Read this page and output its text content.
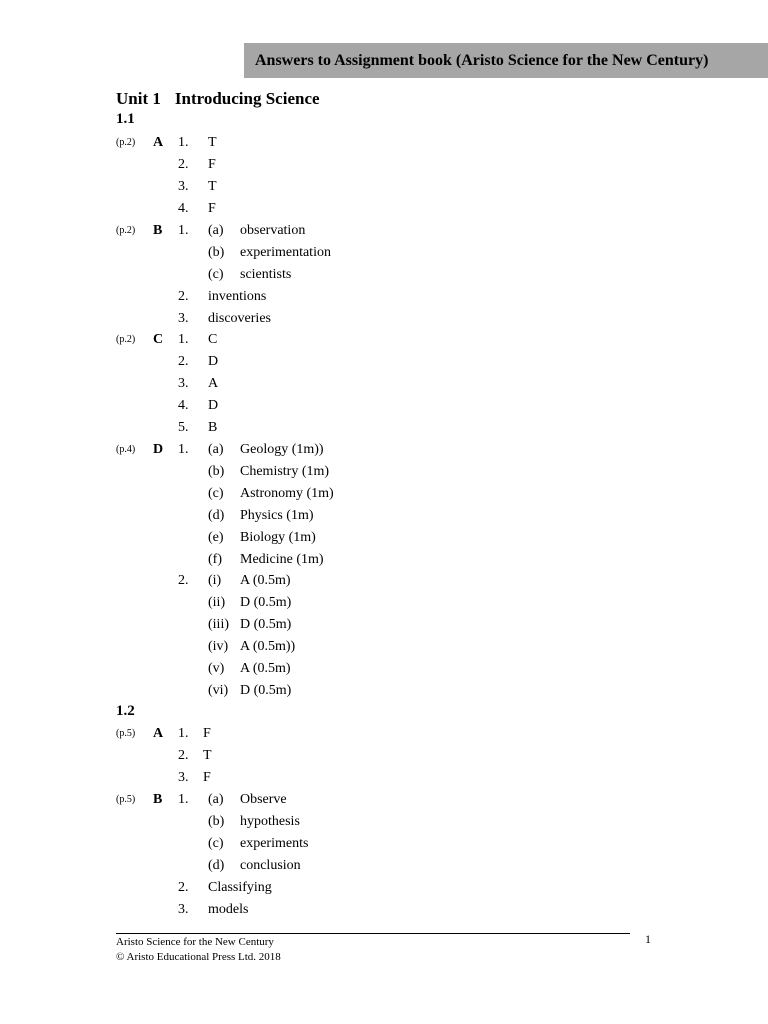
Answers to Assignment book (Aristo Science for the New Century)
Unit 1 Introducing Science
1.1
(p.2) A 1. T
2. F
3. T
4. F
(p.2) B 1. (a) observation
(b) experimentation
(c) scientists
2. inventions
3. discoveries
(p.2) C 1. C
2. D
3. A
4. D
5. B
(p.4) D 1. (a) Geology (1m))
(b) Chemistry (1m)
(c) Astronomy (1m)
(d) Physics (1m)
(e) Biology (1m)
(f) Medicine (1m)
2. (i) A (0.5m)
(ii) D (0.5m)
(iii) D (0.5m)
(iv) A (0.5m))
(v) A (0.5m)
(vi) D (0.5m)
1.2
(p.5) A 1. F
2. T
3. F
(p.5) B 1. (a) Observe
(b) hypothesis
(c) experiments
(d) conclusion
2. Classifying
3. models
Aristo Science for the New Century
© Aristo Educational Press Ltd. 2018
1
